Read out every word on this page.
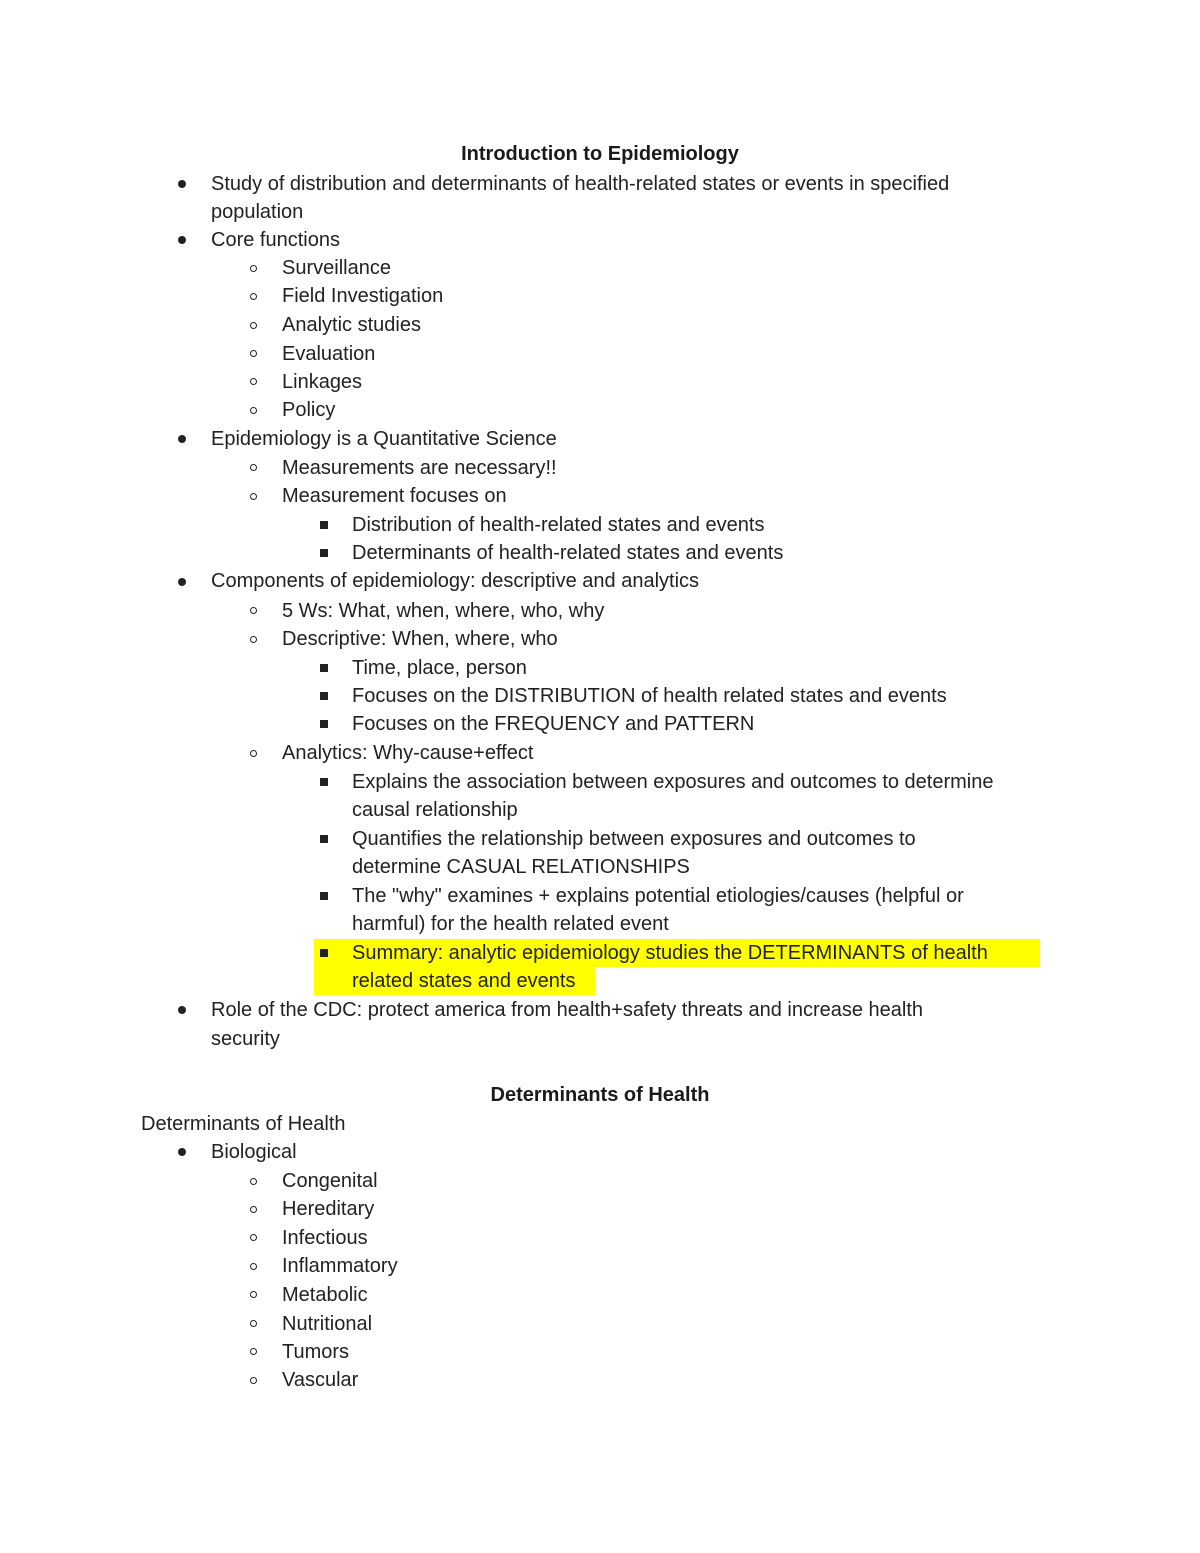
Introduction to Epidemiology
Study of distribution and determinants of health-related states or events in specified
population
Core functions
Surveillance
Field Investigation
Analytic studies
Evaluation
Linkages
Policy
Epidemiology is a Quantitative Science
Measurements are necessary!!
Measurement focuses on
Distribution of health-related states and events
Determinants of health-related states and events
Components of epidemiology: descriptive and analytics
5 Ws: What, when, where, who, why
Descriptive: When, where, who
Time, place, person
Focuses on the DISTRIBUTION of health related states and events
Focuses on the FREQUENCY and PATTERN
Analytics: Why-cause+effect
Explains the association between exposures and outcomes to determine
causal relationship
Quantifies the relationship between exposures and outcomes to
determine CASUAL RELATIONSHIPS
The "why" examines + explains potential etiologies/causes (helpful or
harmful) for the health related event
Summary: analytic epidemiology studies the DETERMINANTS of health
related states and events
Role of the CDC: protect america from health+safety threats and increase health
security
Determinants of Health
Determinants of Health
Biological
Congenital
Hereditary
Infectious
Inflammatory
Metabolic
Nutritional
Tumors
Vascular
